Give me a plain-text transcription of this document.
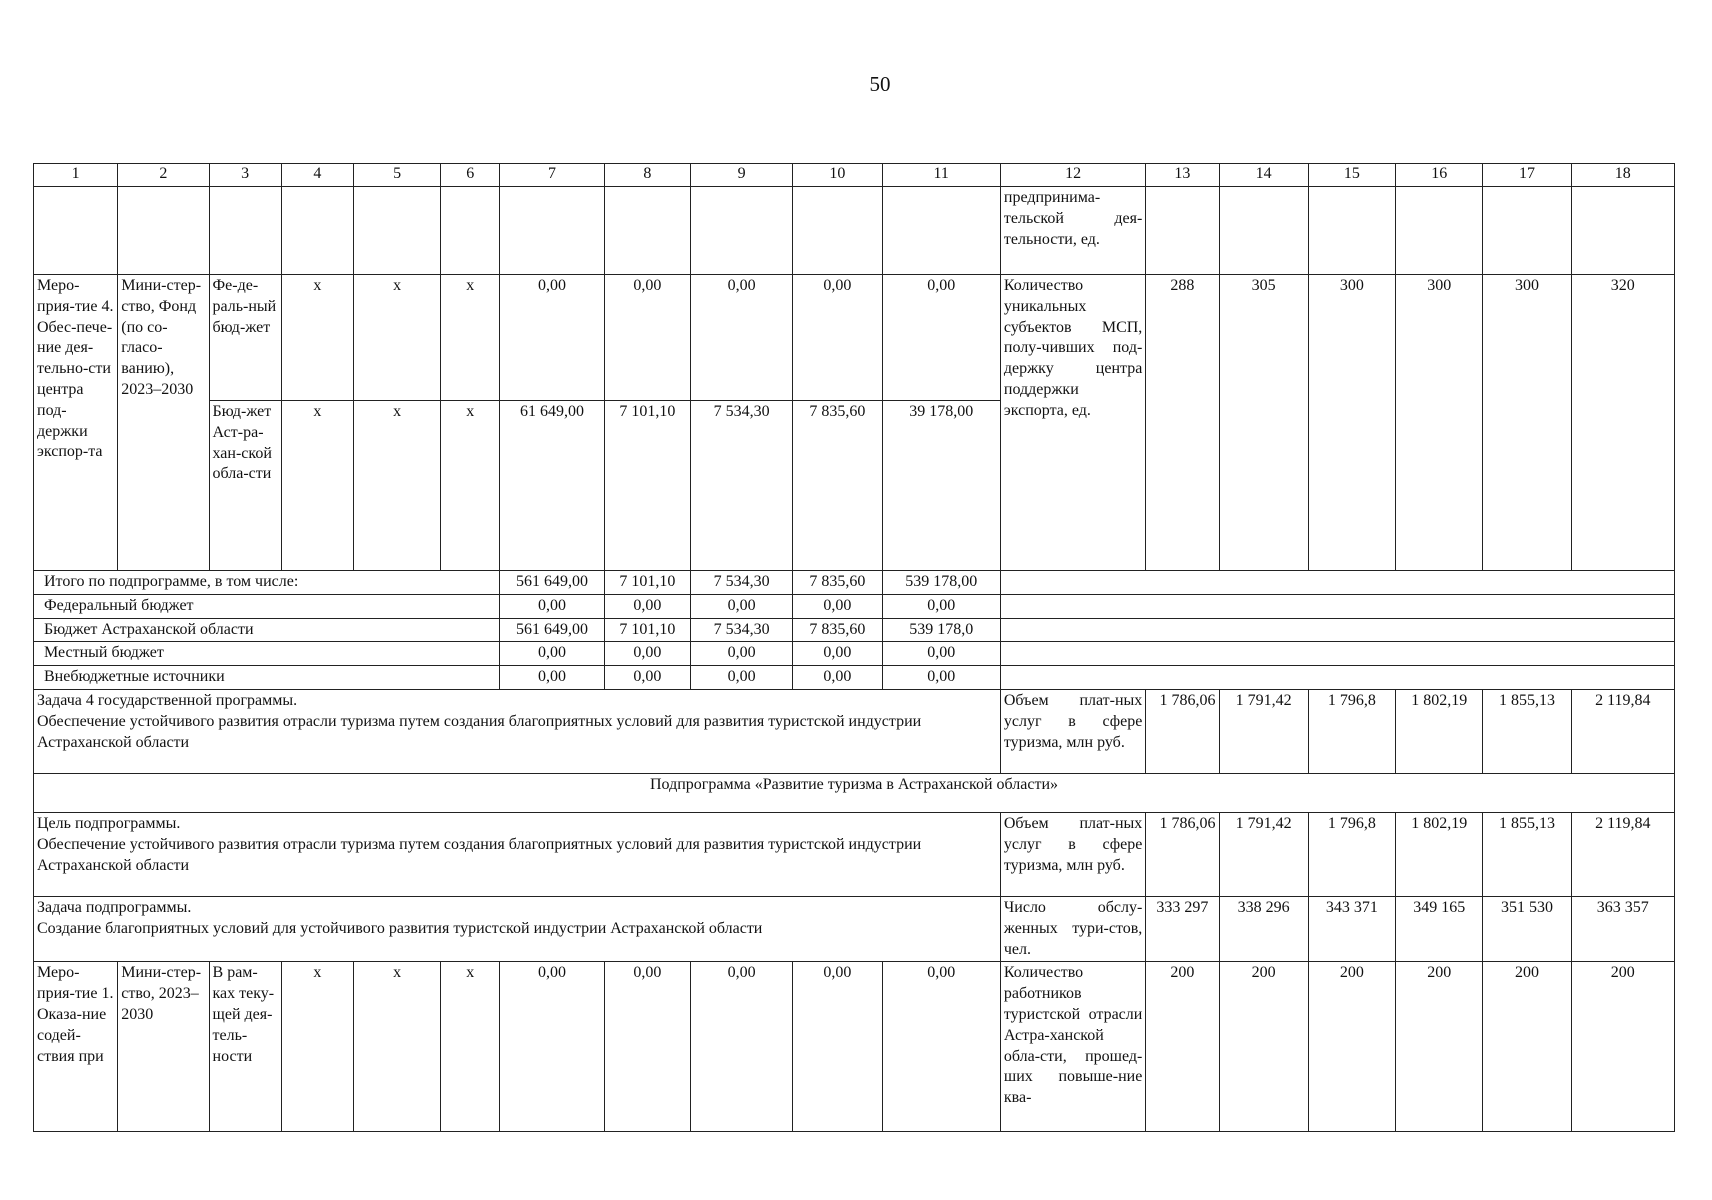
50
1	2	3	4	5	6	7	8	9	10	11	12	13	14	15	16	17	18
											предпринима-тельской дея-тельности, ед.						
Меро-прия-тие 4. Обес-пече-ние дея-тельно-сти центра под-держки экспор-та	Мини-стер-ство, Фонд (по со-гласо-ванию), 2023–2030	Фе-де-раль-ный бюд-жет	х	х	х	0,00	0,00	0,00	0,00	0,00	Количество уникальных субъектов МСП, полу-чивших под-держку центра поддержки экспорта, ед.	288	305	300	300	300	320
		Бюд-жет Аст-ра-хан-ской обла-сти	х	х	х	61 649,00	7 101,10	7 534,30	7 835,60	39 178,00							
Итого по подпрограмме, в том числе:						561 649,00	7 101,10	7 534,30	7 835,60	539 178,00							
Федеральный бюджет						0,00	0,00	0,00	0,00	0,00							
Бюджет Астраханской области						561 649,00	7 101,10	7 534,30	7 835,60	539 178,0							
Местный бюджет						0,00	0,00	0,00	0,00	0,00							
Внебюджетные источники						0,00	0,00	0,00	0,00	0,00							

Задача 4 государственной программы.
Обеспечение устойчивого развития отрасли туризма путем создания благоприятных условий для развития туристской индустрии Астраханской области											Объем плат-ных услуг в сфере туризма, млн руб.	1 786,06	1 791,42	1 796,8	1 802,19	1 855,13	2 119,84
Подпрограмма «Развитие туризма в Астраханской области»																	

Цель подпрограммы.
Обеспечение устойчивого развития отрасли туризма путем создания благоприятных условий для развития туристской индустрии Астраханской области											Объем плат-ных услуг в сфере туризма, млн руб.	1 786,06	1 791,42	1 796,8	1 802,19	1 855,13	2 119,84

Задача подпрограммы.
Создание благоприятных условий для устойчивого развития туристской индустрии Астраханской области											Число обслу-женных тури-стов, чел.	333 297	338 296	343 371	349 165	351 530	363 357
Меро-прия-тие 1. Оказа-ние содей-ствия при	Мини-стер-ство, 2023–2030	В рам-ках теку-щей дея-тель-ности	х	х	х	0,00	0,00	0,00	0,00	0,00	Количество работников туристской отрасли Астра-ханской обла-сти, прошед-ших повыше-ние ква-	200	200	200	200	200	200
